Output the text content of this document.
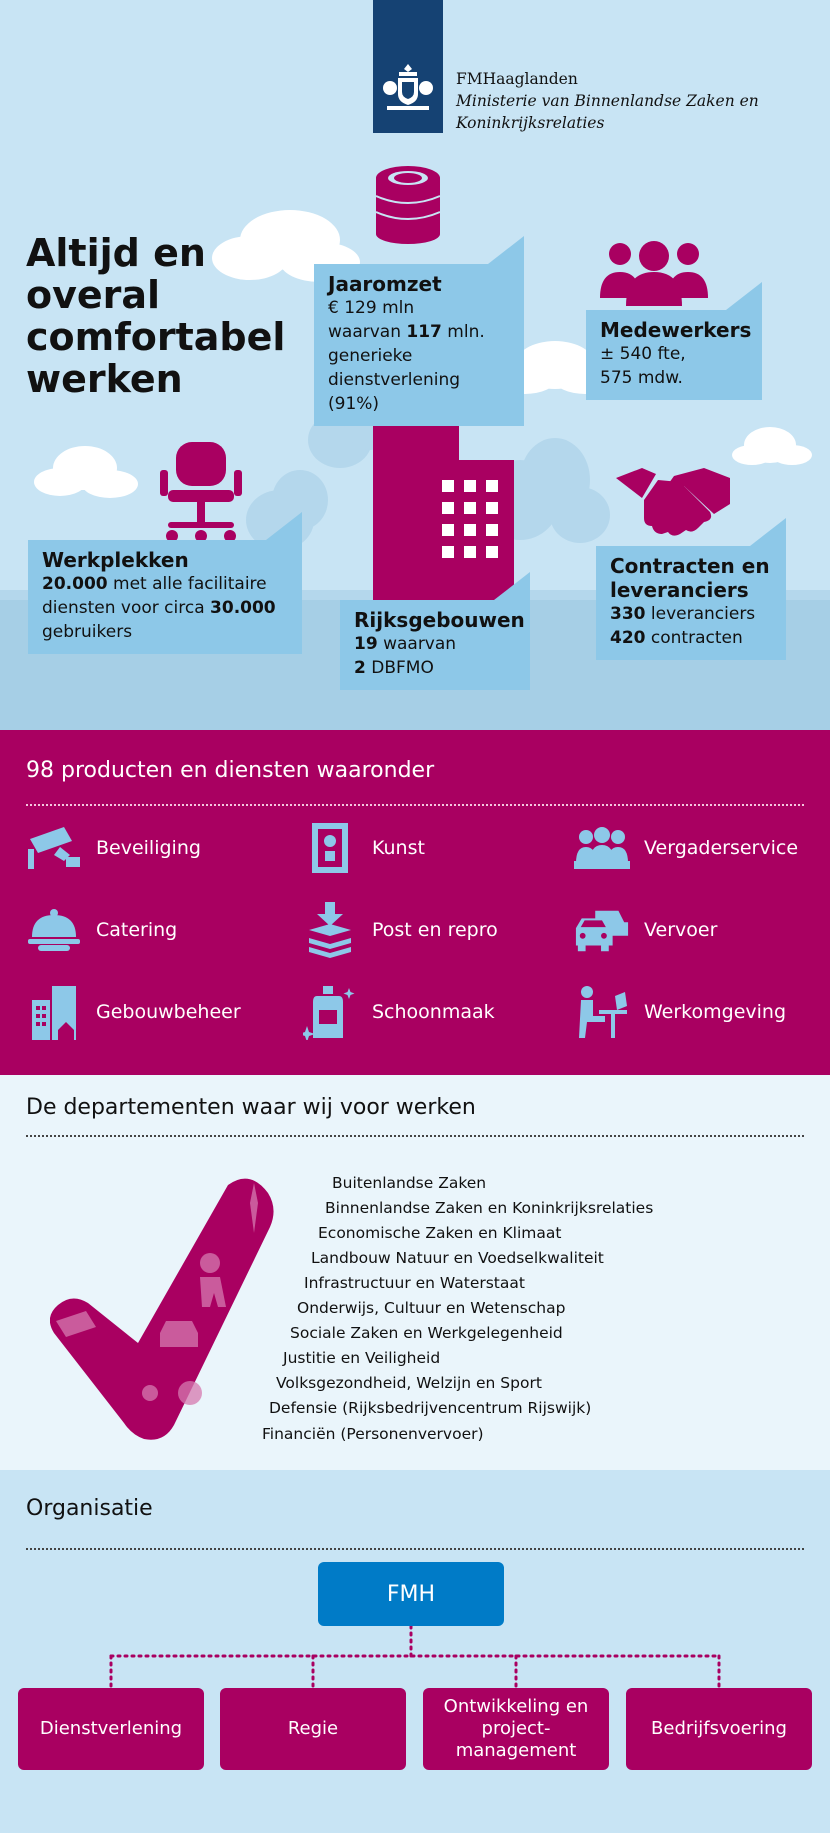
FMHaaglanden
Ministerie van Binnenlandse Zaken en
Koninkrijksrelaties
Altijd en
overal
comfortabel
werken
Jaaromzet
€ 129 mln
waarvan 117 mln.
generieke
dienstverlening (91%)
Medewerkers
± 540 fte,
575 mdw.
Werkplekken
20.000 met alle facilitaire
diensten voor circa 30.000
gebruikers	Rijksgebouwen
19 waarvan
2 DBFMO
Contracten en
leveranciers
330 leveranciers
420 contracten
98 producten en diensten waaronder
Beveiliging	Kunst	Vergaderservice
Catering	Post en repro	Vervoer
Gebouwbeheer	Schoonmaak	Werkomgeving
De departementen waar wij voor werken
Buitenlandse Zaken
Binnenlandse Zaken en Koninkrijksrelaties
Economische Zaken en Klimaat
Landbouw Natuur en Voedselkwaliteit
Infrastructuur en Waterstaat
Onderwijs, Cultuur en Wetenschap
Sociale Zaken en Werkgelegenheid
Justitie en Veiligheid
Volksgezondheid, Welzijn en Sport
Defensie (Rijksbedrijvencentrum Rijswijk)
Financiën (Personenvervoer)
Organisatie
FMH
Dienstverlening	Regie
Ontwikkeling en
project-
management
Bedrijfsvoering
